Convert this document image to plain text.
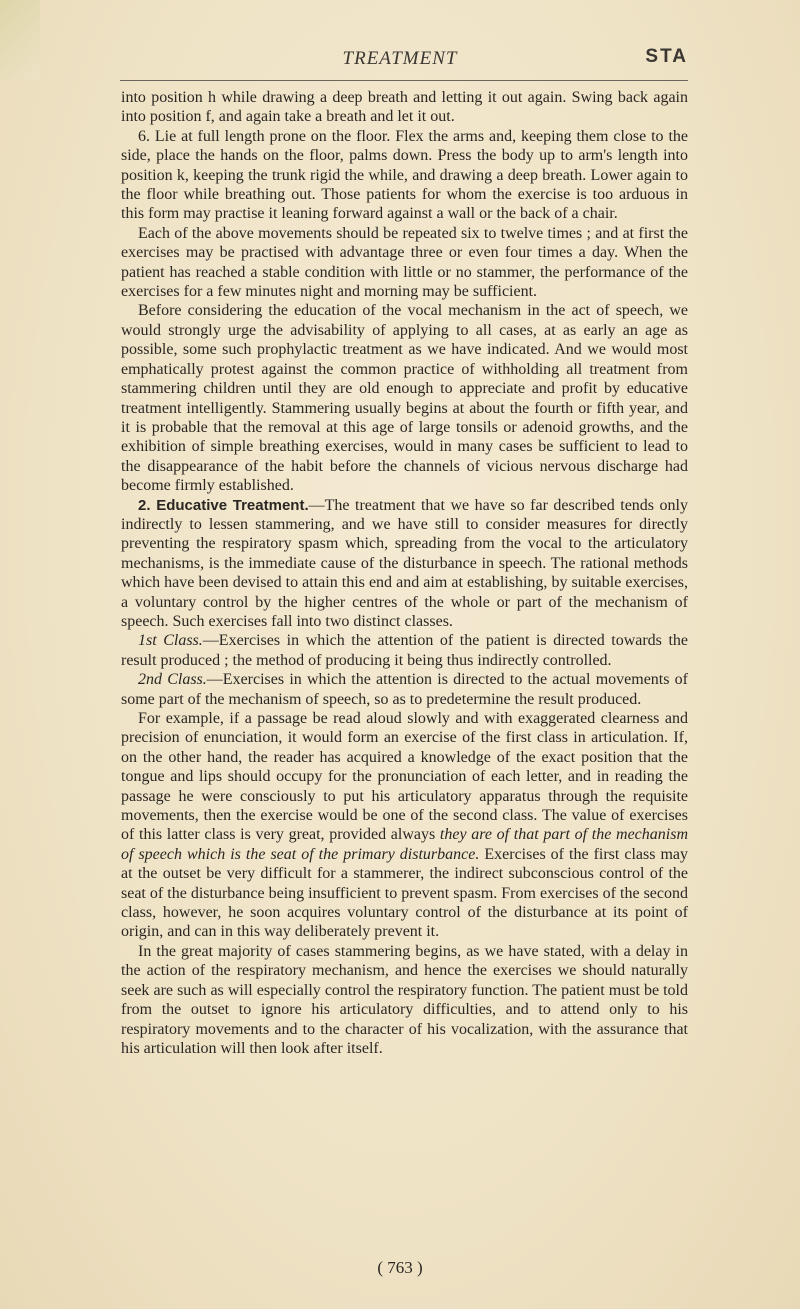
TREATMENT	STA

into position h while drawing a deep breath and letting it out again. Swing back again into position f, and again take a breath and let it out.

6. Lie at full length prone on the floor. Flex the arms and, keeping them close to the side, place the hands on the floor, palms down. Press the body up to arm's length into position k, keeping the trunk rigid the while, and drawing a deep breath. Lower again to the floor while breathing out. Those patients for whom the exercise is too arduous in this form may practise it leaning forward against a wall or the back of a chair.

Each of the above movements should be repeated six to twelve times ; and at first the exercises may be practised with advantage three or even four times a day. When the patient has reached a stable condition with little or no stammer, the performance of the exercises for a few minutes night and morning may be sufficient.

Before considering the education of the vocal mechanism in the act of speech, we would strongly urge the advisability of applying to all cases, at as early an age as possible, some such prophylactic treatment as we have indicated. And we would most emphatically protest against the common practice of withholding all treatment from stammering children until they are old enough to appreciate and profit by educative treatment intelligently. Stammering usually begins at about the fourth or fifth year, and it is probable that the removal at this age of large tonsils or adenoid growths, and the exhibition of simple breathing exercises, would in many cases be sufficient to lead to the disappearance of the habit before the channels of vicious nervous discharge had become firmly established.

2. Educative Treatment.—The treatment that we have so far described tends only indirectly to lessen stammering, and we have still to consider measures for directly preventing the respiratory spasm which, spreading from the vocal to the articulatory mechanisms, is the immediate cause of the disturbance in speech. The rational methods which have been devised to attain this end and aim at establishing, by suitable exercises, a voluntary control by the higher centres of the whole or part of the mechanism of speech. Such exercises fall into two distinct classes.

1st Class.—Exercises in which the attention of the patient is directed towards the result produced ; the method of producing it being thus indirectly controlled.

2nd Class.—Exercises in which the attention is directed to the actual movements of some part of the mechanism of speech, so as to predetermine the result produced.

For example, if a passage be read aloud slowly and with exaggerated clearness and precision of enunciation, it would form an exercise of the first class in articulation. If, on the other hand, the reader has acquired a knowledge of the exact position that the tongue and lips should occupy for the pronunciation of each letter, and in reading the passage he were consciously to put his articulatory apparatus through the requisite movements, then the exercise would be one of the second class. The value of exercises of this latter class is very great, provided always they are of that part of the mechanism of speech which is the seat of the primary disturbance. Exercises of the first class may at the outset be very difficult for a stammerer, the indirect subconscious control of the seat of the disturbance being insufficient to prevent spasm. From exercises of the second class, however, he soon acquires voluntary control of the disturbance at its point of origin, and can in this way deliberately prevent it.

In the great majority of cases stammering begins, as we have stated, with a delay in the action of the respiratory mechanism, and hence the exercises we should naturally seek are such as will especially control the respiratory function. The patient must be told from the outset to ignore his articulatory difficulties, and to attend only to his respiratory movements and to the character of his vocalization, with the assurance that his articulation will then look after itself.

( 763 )
